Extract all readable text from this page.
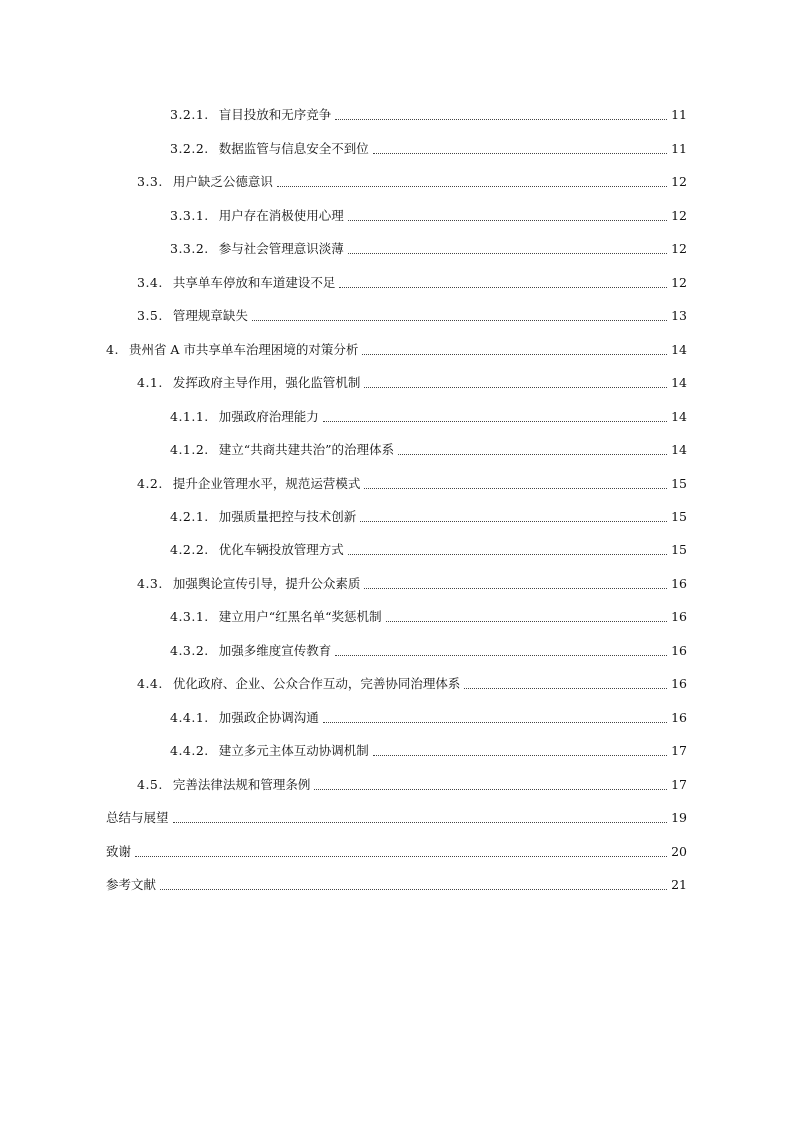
3.2.1. 盲目投放和无序竞争	11
3.2.2. 数据监管与信息安全不到位	11
3.3. 用户缺乏公德意识	12
3.3.1. 用户存在消极使用心理	12
3.3.2. 参与社会管理意识淡薄	12
3.4. 共享单车停放和车道建设不足	12
3.5. 管理规章缺失	13
4. 贵州省 A 市共享单车治理困境的对策分析	14
4.1. 发挥政府主导作用，强化监管机制	14
4.1.1. 加强政府治理能力	14
4.1.2. 建立“共商共建共治”的治理体系	14
4.2. 提升企业管理水平，规范运营模式	15
4.2.1. 加强质量把控与技术创新	15
4.2.2. 优化车辆投放管理方式	15
4.3. 加强舆论宣传引导，提升公众素质	16
4.3.1. 建立用户“红黑名单“奖惩机制	16
4.3.2. 加强多维度宣传教育	16
4.4. 优化政府、企业、公众合作互动，完善协同治理体系	16
4.4.1. 加强政企协调沟通	16
4.4.2. 建立多元主体互动协调机制	17
4.5. 完善法律法规和管理条例	17
总结与展望	19
致谢	20
参考文献	21
